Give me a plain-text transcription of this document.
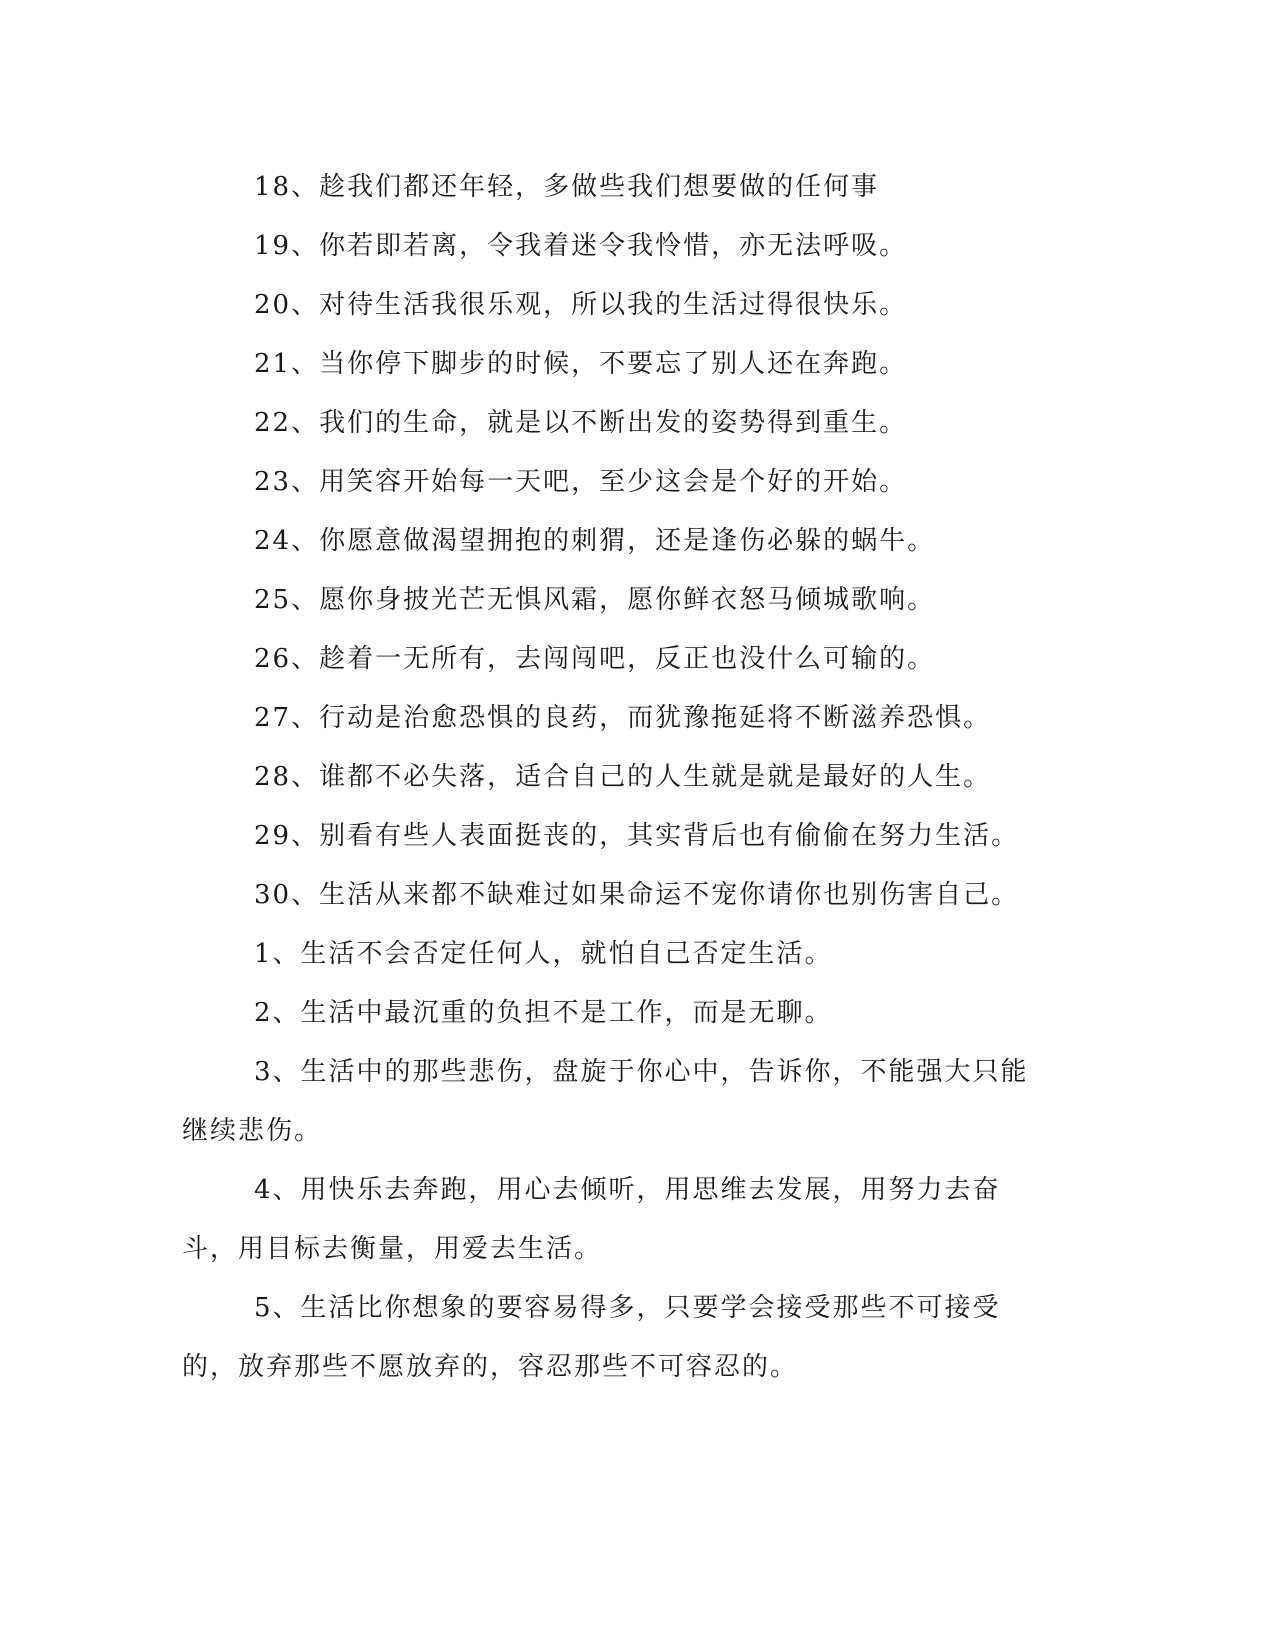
18、趁我们都还年轻，多做些我们想要做的任何事

19、你若即若离，令我着迷令我怜惜，亦无法呼吸。

20、对待生活我很乐观，所以我的生活过得很快乐。

21、当你停下脚步的时候，不要忘了别人还在奔跑。

22、我们的生命，就是以不断出发的姿势得到重生。

23、用笑容开始每一天吧，至少这会是个好的开始。

24、你愿意做渴望拥抱的刺猬，还是逢伤必躲的蜗牛。

25、愿你身披光芒无惧风霜，愿你鲜衣怒马倾城歌响。

26、趁着一无所有，去闯闯吧，反正也没什么可输的。

27、行动是治愈恐惧的良药，而犹豫拖延将不断滋养恐惧。

28、谁都不必失落，适合自己的人生就是就是最好的人生。

29、别看有些人表面挺丧的，其实背后也有偷偷在努力生活。

30、生活从来都不缺难过如果命运不宠你请你也别伤害自己。

1、生活不会否定任何人，就怕自己否定生活。

2、生活中最沉重的负担不是工作，而是无聊。

3、生活中的那些悲伤，盘旋于你心中，告诉你，不能强大只能继续悲伤。

4、用快乐去奔跑，用心去倾听，用思维去发展，用努力去奋斗，用目标去衡量，用爱去生活。

5、生活比你想象的要容易得多，只要学会接受那些不可接受的，放弃那些不愿放弃的，容忍那些不可容忍的。
